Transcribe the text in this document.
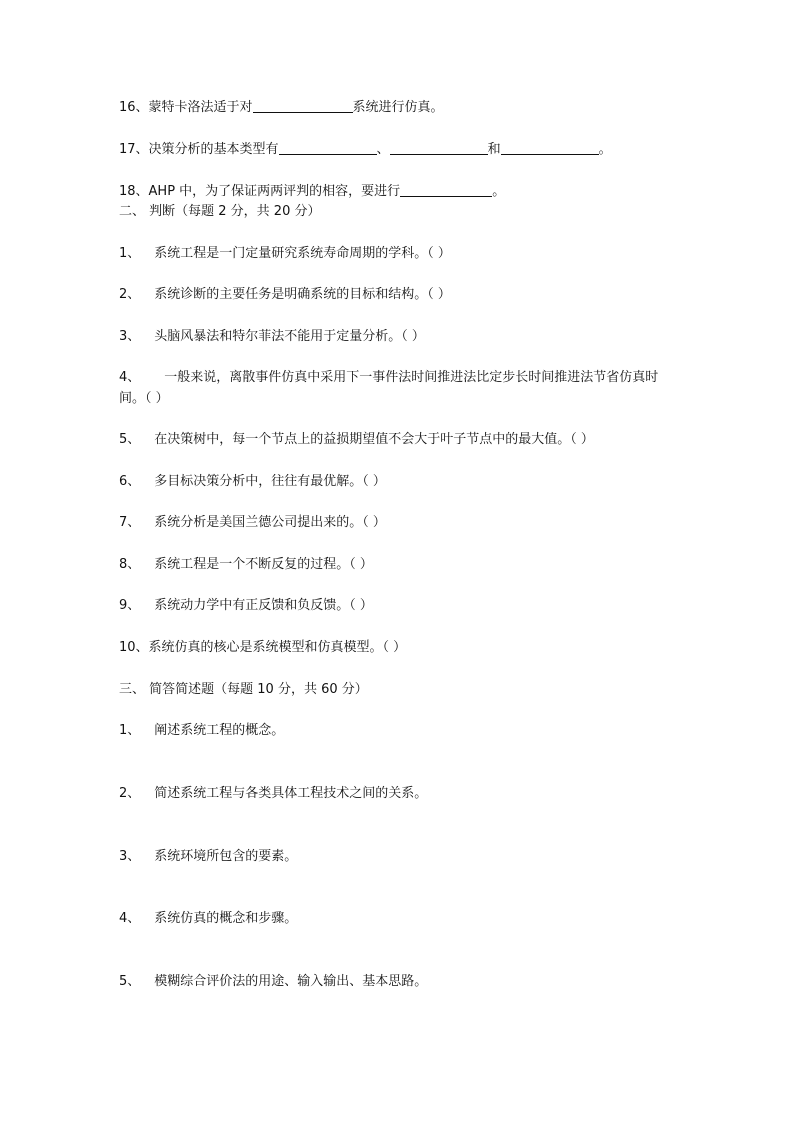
16、蒙特卡洛法适于对	系统进行仿真。
17、决策分析的基本类型有	、	和	。
18、AHP 中，为了保证两两评判的相容，要进行	。
二、 判断（每题 2 分，共 20 分）
1、 系统工程是一门定量研究系统寿命周期的学科。（ ）
2、 系统诊断的主要任务是明确系统的目标和结构。（ ）
3、 头脑风暴法和特尔菲法不能用于定量分析。（ ）
4、 一般来说，离散事件仿真中采用下一事件法时间推进法比定步长时间推进法节省仿真时间。（ ）
5、 在决策树中，每一个节点上的益损期望值不会大于叶子节点中的最大值。（ ）
6、 多目标决策分析中，往往有最优解。（ ）
7、 系统分析是美国兰德公司提出来的。（ ）
8、 系统工程是一个不断反复的过程。（ ）
9、 系统动力学中有正反馈和负反馈。（ ）
10、系统仿真的核心是系统模型和仿真模型。（ ）
三、 简答简述题（每题 10 分，共 60 分）
1、 阐述系统工程的概念。
2、 简述系统工程与各类具体工程技术之间的关系。
3、 系统环境所包含的要素。
4、 系统仿真的概念和步骤。
5、 模糊综合评价法的用途、输入输出、基本思路。
